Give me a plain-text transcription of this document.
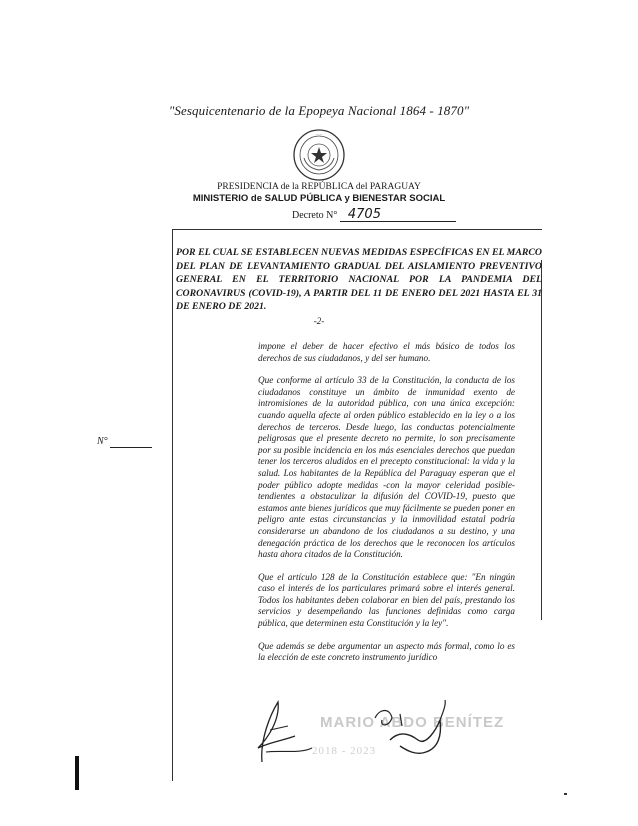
"Sesquicentenario de la Epopeya Nacional 1864 - 1870"
·····
PRESIDENCIA de la REPÚBLICA del PARAGUAY
MINISTERIO de SALUD PÚBLICA y BIENESTAR SOCIAL
Decreto N° 4705
POR EL CUAL SE ESTABLECEN NUEVAS MEDIDAS ESPECÍFICAS EN EL MARCO DEL PLAN DE LEVANTAMIENTO GRADUAL DEL AISLAMIENTO PREVENTIVO GENERAL EN EL TERRITORIO NACIONAL POR LA PANDEMIA DEL CORONAVIRUS (COVID-19), A PARTIR DEL 11 DE ENERO DEL 2021 HASTA EL 31 DE ENERO DE 2021.
-2-
N°

impone el deber de hacer efectivo el más básico de todos los derechos de sus ciudadanos, y del ser humano.

Que conforme al artículo 33 de la Constitución, la conducta de los ciudadanos constituye un ámbito de inmunidad exento de intromisiones de la autoridad pública, con una única excepción: cuando aquella afecte al orden público establecido en la ley o a los derechos de terceros. Desde luego, las conductas potencialmente peligrosas que el presente decreto no permite, lo son precisamente por su posible incidencia en los más esenciales derechos que puedan tener los terceros aludidos en el precepto constitucional: la vida y la salud. Los habitantes de la República del Paraguay esperan que el poder público adopte medidas -con la mayor celeridad posible- tendientes a obstaculizar la difusión del COVID-19, puesto que estamos ante bienes jurídicos que muy fácilmente se pueden poner en peligro ante estas circunstancias y la inmovilidad estatal podría considerarse un abandono de los ciudadanos a su destino, y una denegación práctica de los derechos que le reconocen los artículos hasta ahora citados de la Constitución.

Que el artículo 128 de la Constitución establece que: "En ningún caso el interés de los particulares primará sobre el interés general. Todos los habitantes deben colaborar en bien del país, prestando los servicios y desempeñando las funciones definidas como carga pública, que determinen esta Constitución y la ley".

Que además se debe argumentar un aspecto más formal, como lo es la elección de este concreto instrumento jurídico

MARIO ABDO BENÍTEZ
2018 - 2023
